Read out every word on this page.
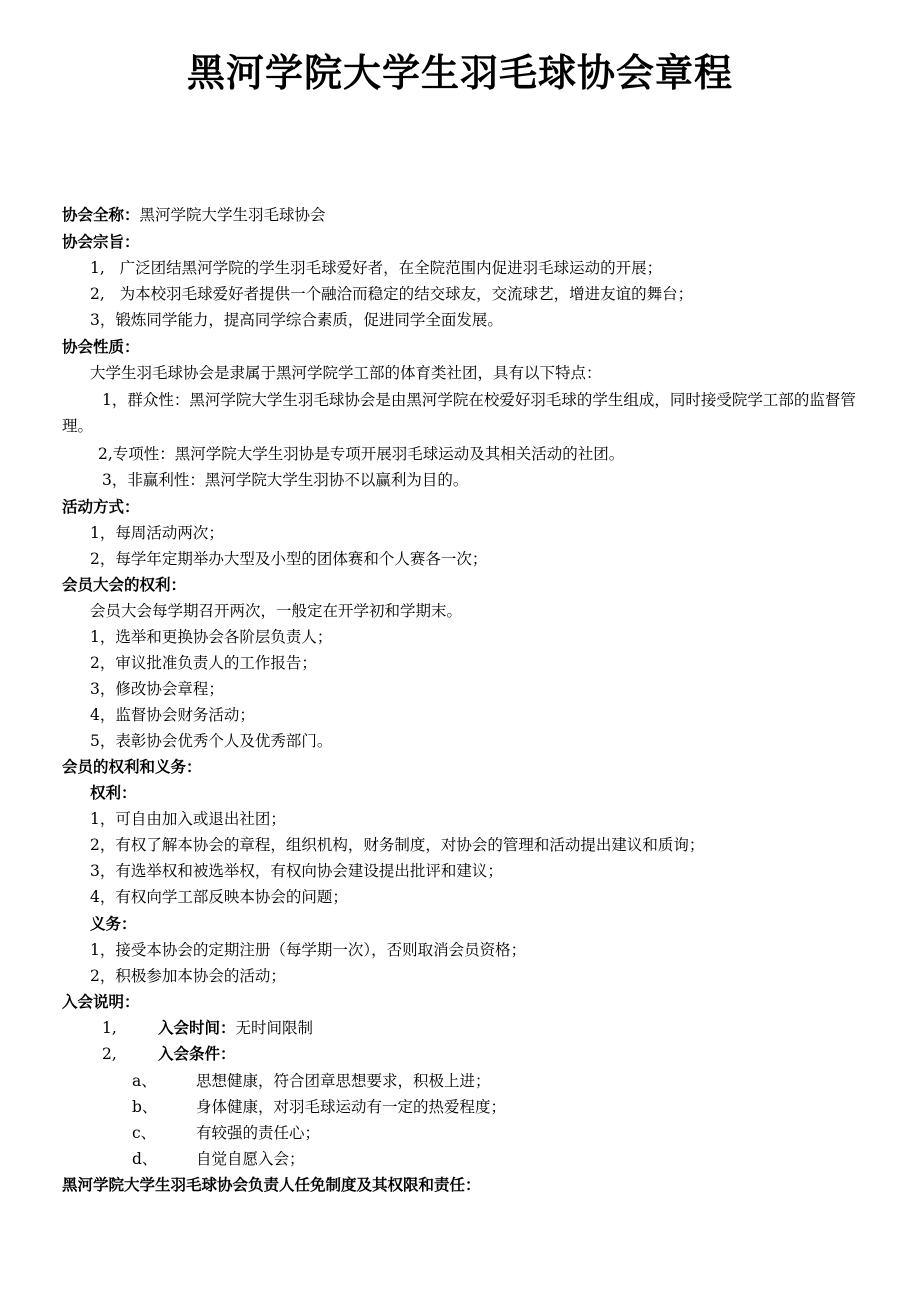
黑河学院大学生羽毛球协会章程
协会全称：黑河学院大学生羽毛球协会
协会宗旨：
1,   广泛团结黑河学院的学生羽毛球爱好者，在全院范围内促进羽毛球运动的开展；
2,   为本校羽毛球爱好者提供一个融洽而稳定的结交球友，交流球艺，增进友谊的舞台；
3，锻炼同学能力，提高同学综合素质，促进同学全面发展。
协会性质：
大学生羽毛球协会是隶属于黑河学院学工部的体育类社团，具有以下特点：
1，群众性：黑河学院大学生羽毛球协会是由黑河学院在校爱好羽毛球的学生组成，同时接受院学工部的监督管理。
2,专项性：黑河学院大学生羽协是专项开展羽毛球运动及其相关活动的社团。
3，非赢利性：黑河学院大学生羽协不以赢利为目的。
活动方式：
1，每周活动两次；
2，每学年定期举办大型及小型的团体赛和个人赛各一次；
会员大会的权利：
会员大会每学期召开两次，一般定在开学初和学期末。
1，选举和更换协会各阶层负责人；
2，审议批准负责人的工作报告；
3，修改协会章程；
4，监督协会财务活动；
5，表彰协会优秀个人及优秀部门。
会员的权利和义务：
权利：
1，可自由加入或退出社团；
2，有权了解本协会的章程，组织机构，财务制度，对协会的管理和活动提出建议和质询；
3，有选举权和被选举权，有权向协会建设提出批评和建议；
4，有权向学工部反映本协会的问题；
义务：
1，接受本协会的定期注册（每学期一次），否则取消会员资格；
2，积极参加本协会的活动；
入会说明：
1,	入会时间：无时间限制
2,	入会条件：
a、	思想健康，符合团章思想要求，积极上进；
b、 身体健康，对羽毛球运动有一定的热爱程度；
c、	有较强的责任心；
d、 自觉自愿入会；
黑河学院大学生羽毛球协会负责人任免制度及其权限和责任：
